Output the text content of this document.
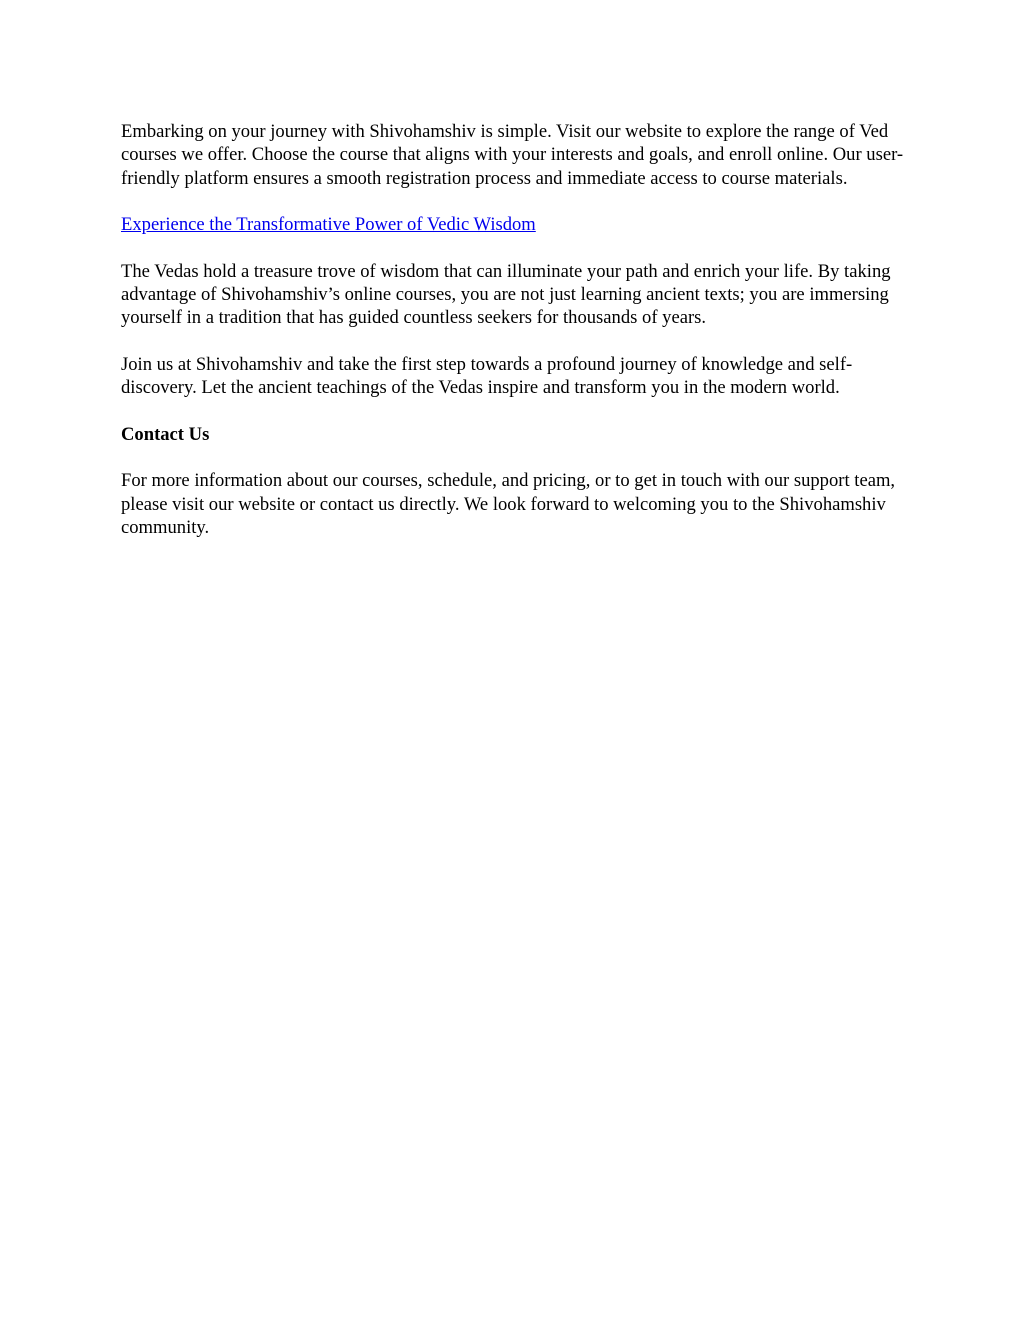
Embarking on your journey with Shivohamshiv is simple. Visit our website to explore the range of Ved courses we offer. Choose the course that aligns with your interests and goals, and enroll online. Our user-friendly platform ensures a smooth registration process and immediate access to course materials.

Experience the Transformative Power of Vedic Wisdom

The Vedas hold a treasure trove of wisdom that can illuminate your path and enrich your life. By taking advantage of Shivohamshiv’s online courses, you are not just learning ancient texts; you are immersing yourself in a tradition that has guided countless seekers for thousands of years.

Join us at Shivohamshiv and take the first step towards a profound journey of knowledge and self-discovery. Let the ancient teachings of the Vedas inspire and transform you in the modern world.

Contact Us

For more information about our courses, schedule, and pricing, or to get in touch with our support team, please visit our website or contact us directly. We look forward to welcoming you to the Shivohamshiv community.
